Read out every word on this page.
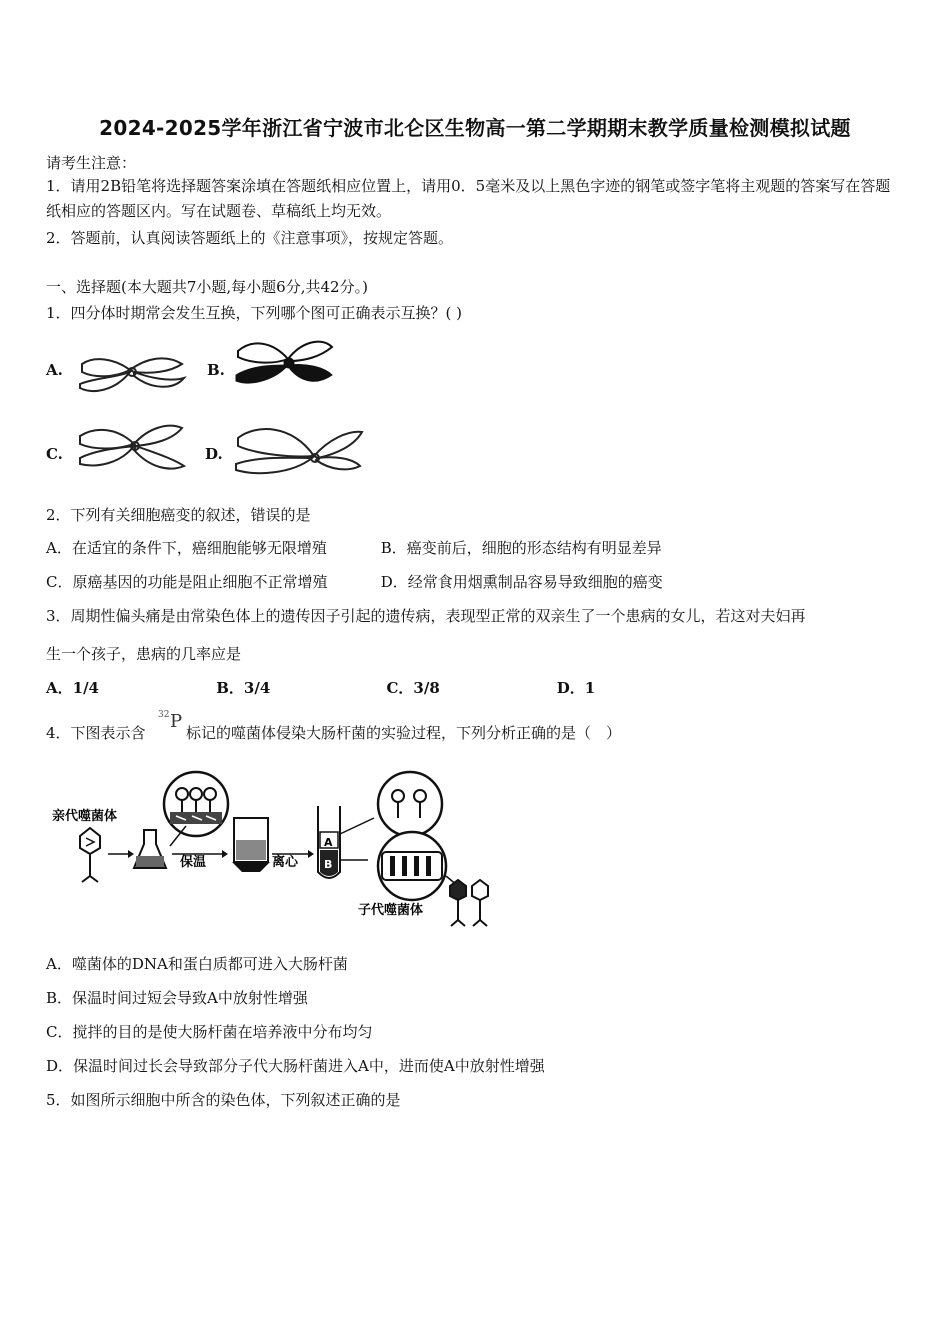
2024-2025学年浙江省宁波市北仑区生物高一第二学期期末教学质量检测模拟试题
请考生注意：
1．请用2B铅笔将选择题答案涂填在答题纸相应位置上，请用0．5毫米及以上黑色字迹的钢笔或签字笔将主观题的答案写在答题纸相应的答题区内。写在试题卷、草稿纸上均无效。
2．答题前，认真阅读答题纸上的《注意事项》，按规定答题。
一、选择题(本大题共7小题,每小题6分,共42分。)
1．四分体时期常会发生互换，下列哪个图可正确表示互换？( )
A.	B.
C.	D.
2．下列有关细胞癌变的叙述，错误的是
A．在适宜的条件下，癌细胞能够无限增殖	B．癌变前后，细胞的形态结构有明显差异
C．原癌基因的功能是阻止细胞不正常增殖	D．经常食用烟熏制品容易导致细胞的癌变
3．周期性偏头痛是由常染色体上的遗传因子引起的遗传病，表现型正常的双亲生了一个患病的女儿，若这对夫妇再
生一个孩子，患病的几率应是
A．1/4	B．3/4	C．3/8	D．1
4．下图表示含
32 P
标记的噬菌体侵染大肠杆菌的实验过程，下列分析正确的是（　）
亲代噬菌体
保温	离心
子代噬菌体
A
B
A．噬菌体的DNA和蛋白质都可进入大肠杆菌
B．保温时间过短会导致A中放射性增强
C．搅拌的目的是使大肠杆菌在培养液中分布均匀
D．保温时间过长会导致部分子代大肠杆菌进入A中，进而使A中放射性增强
5．如图所示细胞中所含的染色体，下列叙述正确的是
